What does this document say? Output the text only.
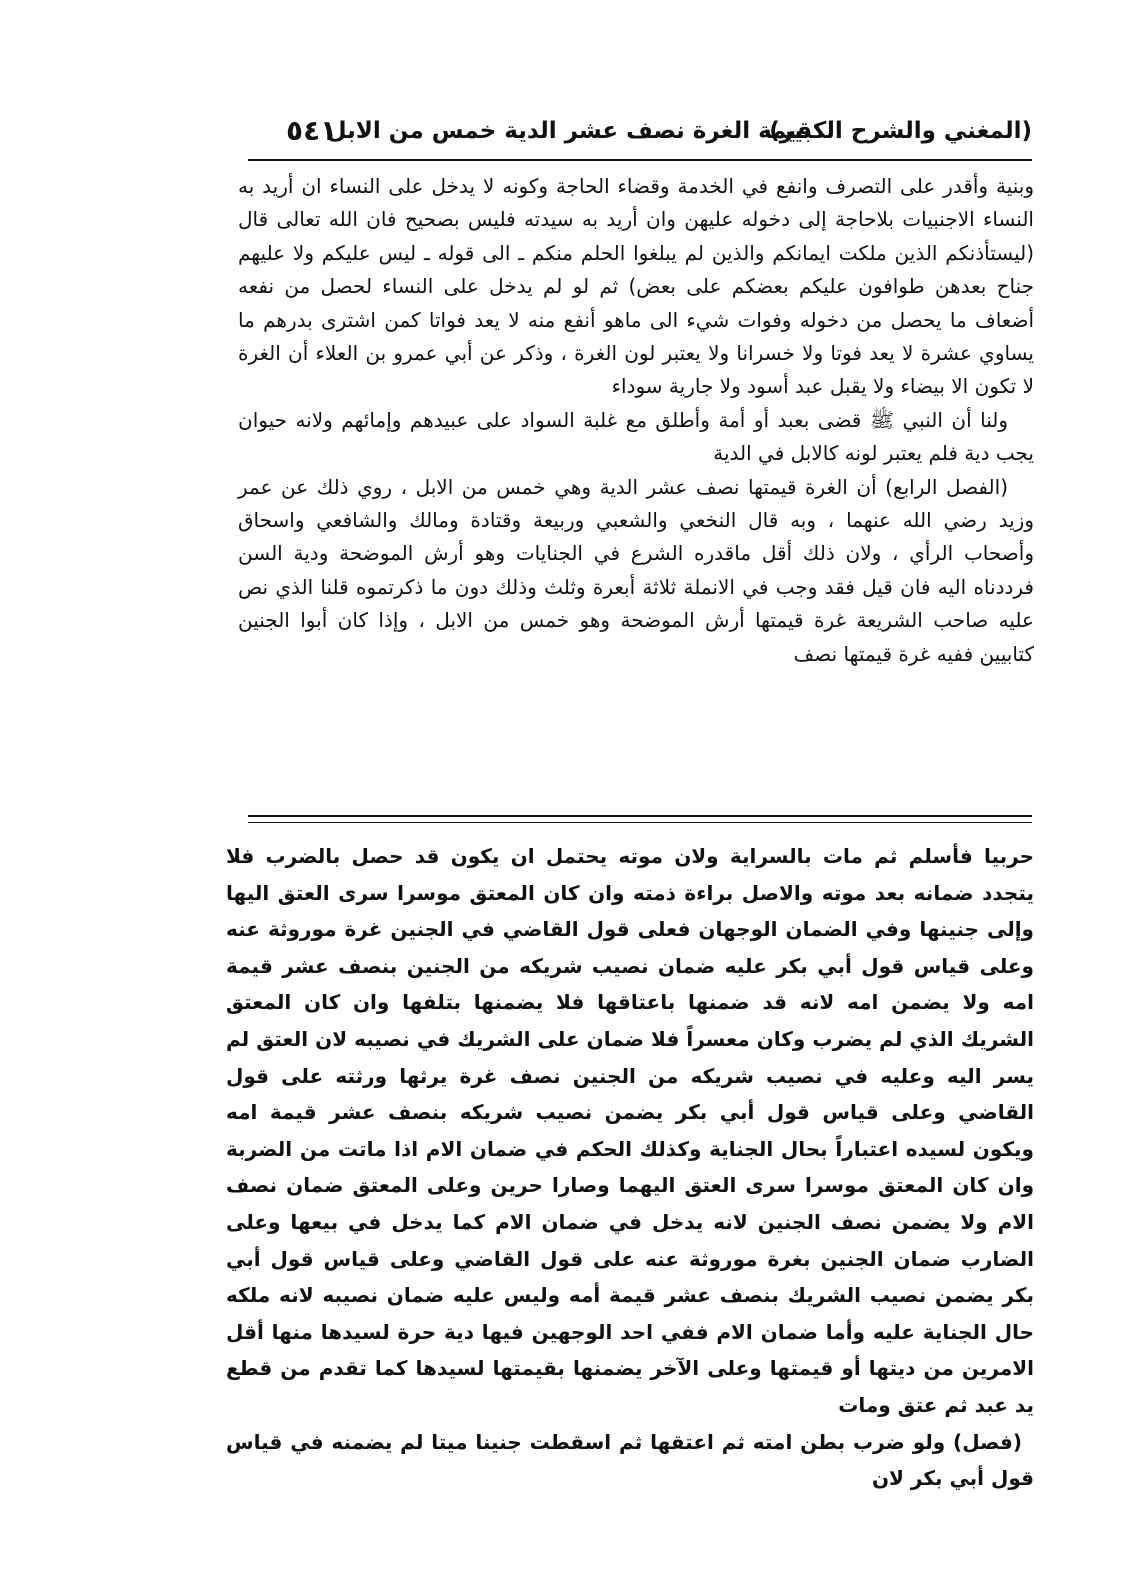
(المغني والشرح الكبير)
قيمة الغرة نصف عشر الدية خمس من الابل
٥٤١

وبنية وأقدر على التصرف وانفع في الخدمة وقضاء الحاجة وكونه لا يدخل على النساء ان أريد به النساء الاجنبيات بلاحاجة إلى دخوله عليهن وان أريد به سيدته فليس بصحيح فان الله تعالى قال (ليستأذنكم الذين ملكت ايمانكم والذين لم يبلغوا الحلم منكم ـ الى قوله ـ ليس عليكم ولا عليهم جناح بعدهن طوافون عليكم بعضكم على بعض) ثم لو لم يدخل على النساء لحصل من نفعه أضعاف ما يحصل من دخوله وفوات شيء الى ماهو أنفع منه لا يعد فواتا كمن اشترى بدرهم ما يساوي عشرة لا يعد فوتا ولا خسرانا ولا يعتبر لون الغرة ، وذكر عن أبي عمرو بن العلاء أن الغرة لا تكون الا بيضاء ولا يقبل عبد أسود ولا جارية سوداء

ولنا أن النبي ﷺ قضى بعبد أو أمة وأطلق مع غلبة السواد على عبيدهم وإمائهم ولانه حيوان يجب دية فلم يعتبر لونه كالابل في الدية

(الفصل الرابع) أن الغرة قيمتها نصف عشر الدية وهي خمس من الابل ، روي ذلك عن عمر وزيد رضي الله عنهما ، وبه قال النخعي والشعبي وربيعة وقتادة ومالك والشافعي واسحاق وأصحاب الرأي ، ولان ذلك أقل ماقدره الشرع في الجنايات وهو أرش الموضحة ودية السن فرددناه اليه فان قيل فقد وجب في الانملة ثلاثة أبعرة وثلث وذلك دون ما ذكرتموه قلنا الذي نص عليه صاحب الشريعة غرة قيمتها أرش الموضحة وهو خمس من الابل ، وإذا كان أبوا الجنين كتابيين ففيه غرة قيمتها نصف

حربيا فأسلم ثم مات بالسراية ولان موته يحتمل ان يكون قد حصل بالضرب فلا يتجدد ضمانه بعد موته والاصل براءة ذمته وان كان المعتق موسرا سرى العتق اليها وإلى جنينها وفي الضمان الوجهان فعلى قول القاضي في الجنين غرة موروثة عنه وعلى قياس قول أبي بكر عليه ضمان نصيب شريكه من الجنين بنصف عشر قيمة امه ولا يضمن امه لانه قد ضمنها باعتاقها فلا يضمنها بتلفها وان كان المعتق الشريك الذي لم يضرب وكان معسراً فلا ضمان على الشريك في نصيبه لان العتق لم يسر اليه وعليه في نصيب شريكه من الجنين نصف غرة يرثها ورثته على قول القاضي وعلى قياس قول أبي بكر يضمن نصيب شريكه بنصف عشر قيمة امه ويكون لسيده اعتباراً بحال الجناية وكذلك الحكم في ضمان الام اذا ماتت من الضربة وان كان المعتق موسرا سرى العتق اليهما وصارا حرين وعلى المعتق ضمان نصف الام ولا يضمن نصف الجنين لانه يدخل في ضمان الام كما يدخل في بيعها وعلى الضارب ضمان الجنين بغرة موروثة عنه على قول القاضي وعلى قياس قول أبي بكر يضمن نصيب الشريك بنصف عشر قيمة أمه وليس عليه ضمان نصيبه لانه ملكه حال الجناية عليه وأما ضمان الام ففي احد الوجهين فيها دية حرة لسيدها منها أقل الامرين من ديتها أو قيمتها وعلى الآخر يضمنها بقيمتها لسيدها كما تقدم من قطع يد عبد ثم عتق ومات

(فصل) ولو ضرب بطن امته ثم اعتقها ثم اسقطت جنينا ميتا لم يضمنه في قياس قول أبي بكر لان
